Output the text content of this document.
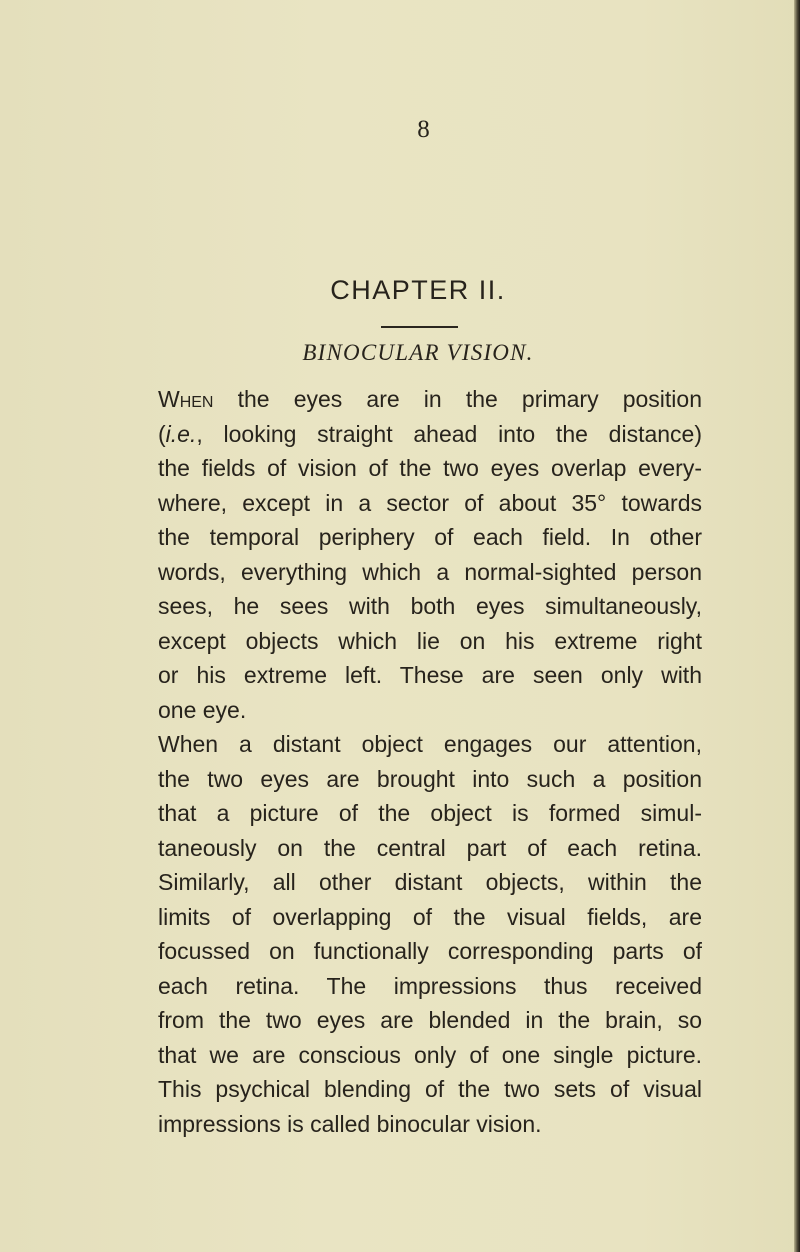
8
CHAPTER II.
BINOCULAR VISION.
When the eyes are in the primary position
(i.e., looking straight ahead into the distance)
the fields of vision of the two eyes overlap every-
where, except in a sector of about 35° towards
the temporal periphery of each field. In other
words, everything which a normal-sighted person
sees, he sees with both eyes simultaneously,
except objects which lie on his extreme right
or his extreme left. These are seen only with
one eye.
When a distant object engages our attention,
the two eyes are brought into such a position
that a picture of the object is formed simul-
taneously on the central part of each retina.
Similarly, all other distant objects, within the
limits of overlapping of the visual fields, are
focussed on functionally corresponding parts of
each retina. The impressions thus received
from the two eyes are blended in the brain, so
that we are conscious only of one single picture.
This psychical blending of the two sets of visual
impressions is called binocular vision.
